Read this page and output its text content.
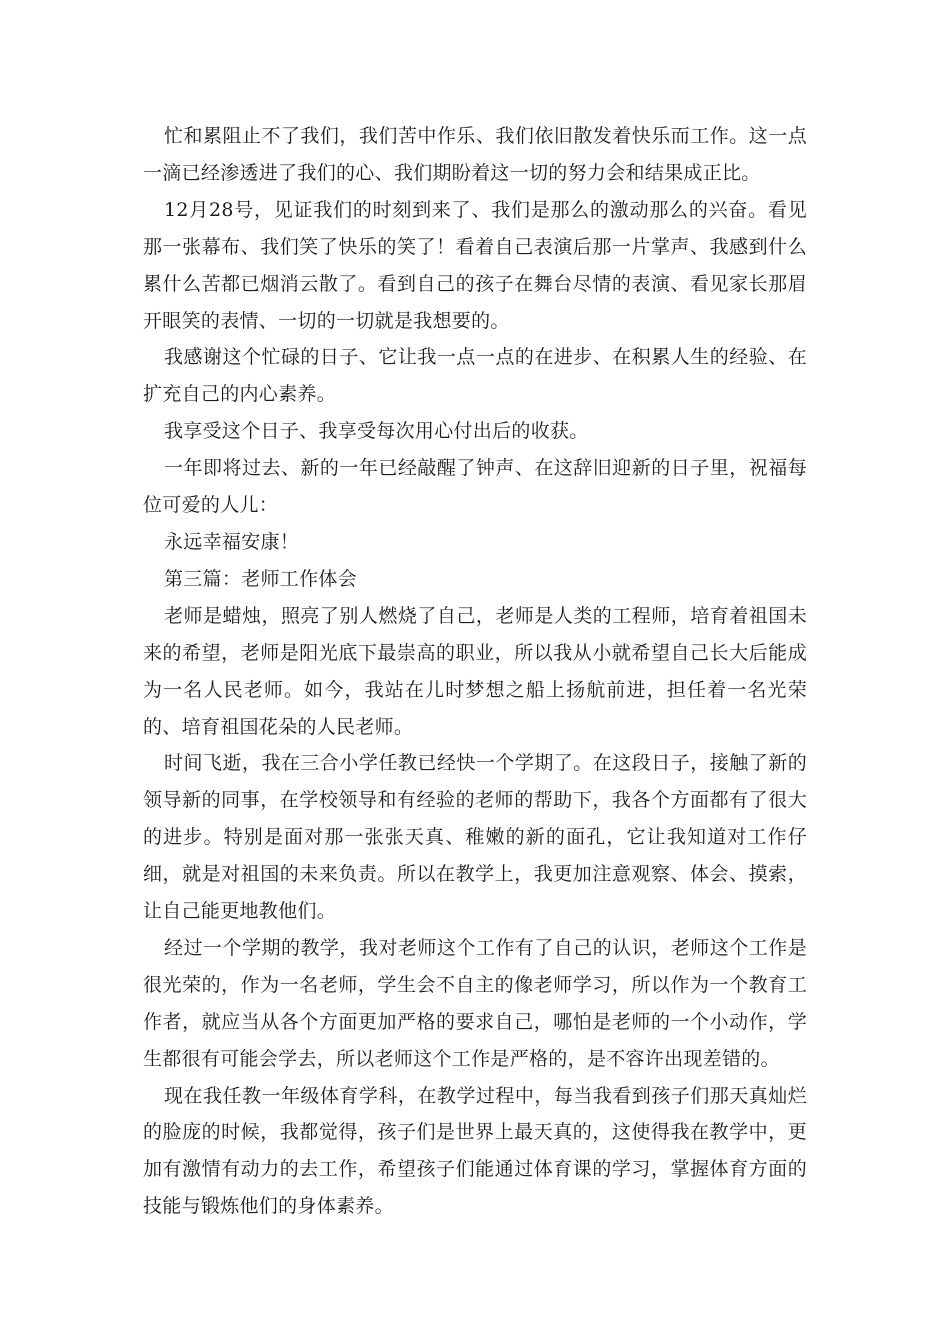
忙和累阻止不了我们，我们苦中作乐、我们依旧散发着快乐而工作。这一点一滴已经渗透进了我们的心、我们期盼着这一切的努力会和结果成正比。

12月28号，见证我们的时刻到来了、我们是那么的激动那么的兴奋。看见那一张幕布、我们笑了快乐的笑了！看着自己表演后那一片掌声、我感到什么累什么苦都已烟消云散了。看到自己的孩子在舞台尽情的表演、看见家长那眉开眼笑的表情、一切的一切就是我想要的。

我感谢这个忙碌的日子、它让我一点一点的在进步、在积累人生的经验、在扩充自己的内心素养。

我享受这个日子、我享受每次用心付出后的收获。

一年即将过去、新的一年已经敲醒了钟声、在这辞旧迎新的日子里，祝福每位可爱的人儿：

永远幸福安康！

第三篇：老师工作体会

老师是蜡烛，照亮了别人燃烧了自己，老师是人类的工程师，培育着祖国未来的希望，老师是阳光底下最崇高的职业，所以我从小就希望自己长大后能成为一名人民老师。如今，我站在儿时梦想之船上扬航前进，担任着一名光荣的、培育祖国花朵的人民老师。

时间飞逝，我在三合小学任教已经快一个学期了。在这段日子，接触了新的领导新的同事，在学校领导和有经验的老师的帮助下，我各个方面都有了很大的进步。特别是面对那一张张天真、稚嫩的新的面孔，它让我知道对工作仔细，就是对祖国的未来负责。所以在教学上，我更加注意观察、体会、摸索，让自己能更地教他们。

经过一个学期的教学，我对老师这个工作有了自己的认识，老师这个工作是很光荣的，作为一名老师，学生会不自主的像老师学习，所以作为一个教育工作者，就应当从各个方面更加严格的要求自己，哪怕是老师的一个小动作，学生都很有可能会学去，所以老师这个工作是严格的，是不容许出现差错的。

现在我任教一年级体育学科，在教学过程中，每当我看到孩子们那天真灿烂的脸庞的时候，我都觉得，孩子们是世界上最天真的，这使得我在教学中，更加有激情有动力的去工作，希望孩子们能通过体育课的学习，掌握体育方面的技能与锻炼他们的身体素养。
